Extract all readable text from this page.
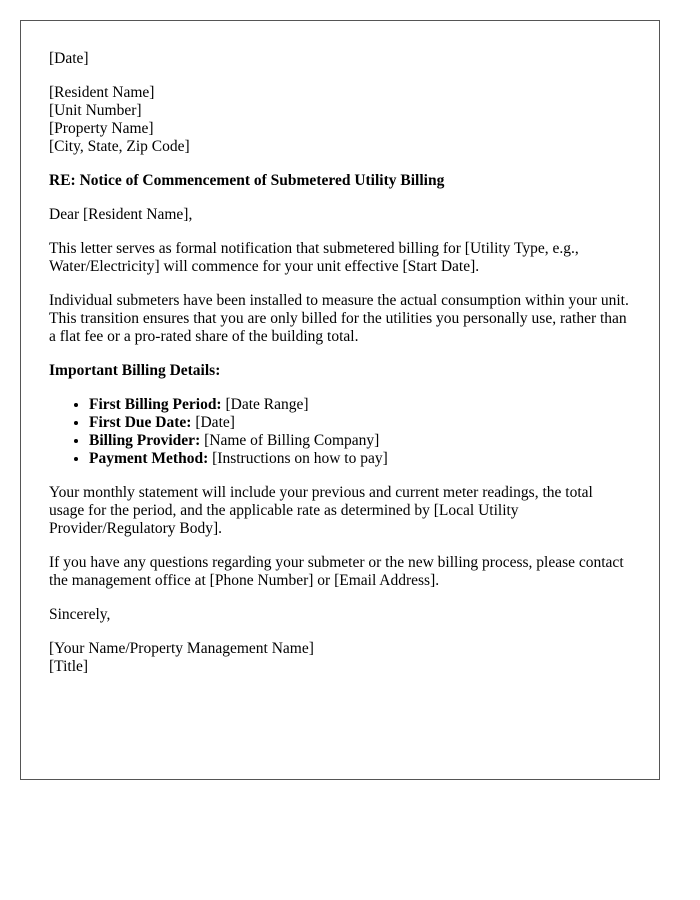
[Date]

[Resident Name]
[Unit Number]
[Property Name]
[City, State, Zip Code]

RE: Notice of Commencement of Submetered Utility Billing

Dear [Resident Name],

This letter serves as formal notification that submetered billing for [Utility Type, e.g., Water/Electricity] will commence for your unit effective [Start Date].

Individual submeters have been installed to measure the actual consumption within your unit. This transition ensures that you are only billed for the utilities you personally use, rather than a flat fee or a pro-rated share of the building total.

Important Billing Details:

• First Billing Period: [Date Range]
• First Due Date: [Date]
• Billing Provider: [Name of Billing Company]
• Payment Method: [Instructions on how to pay]

Your monthly statement will include your previous and current meter readings, the total usage for the period, and the applicable rate as determined by [Local Utility Provider/Regulatory Body].

If you have any questions regarding your submeter or the new billing process, please contact the management office at [Phone Number] or [Email Address].

Sincerely,

[Your Name/Property Management Name]
[Title]
